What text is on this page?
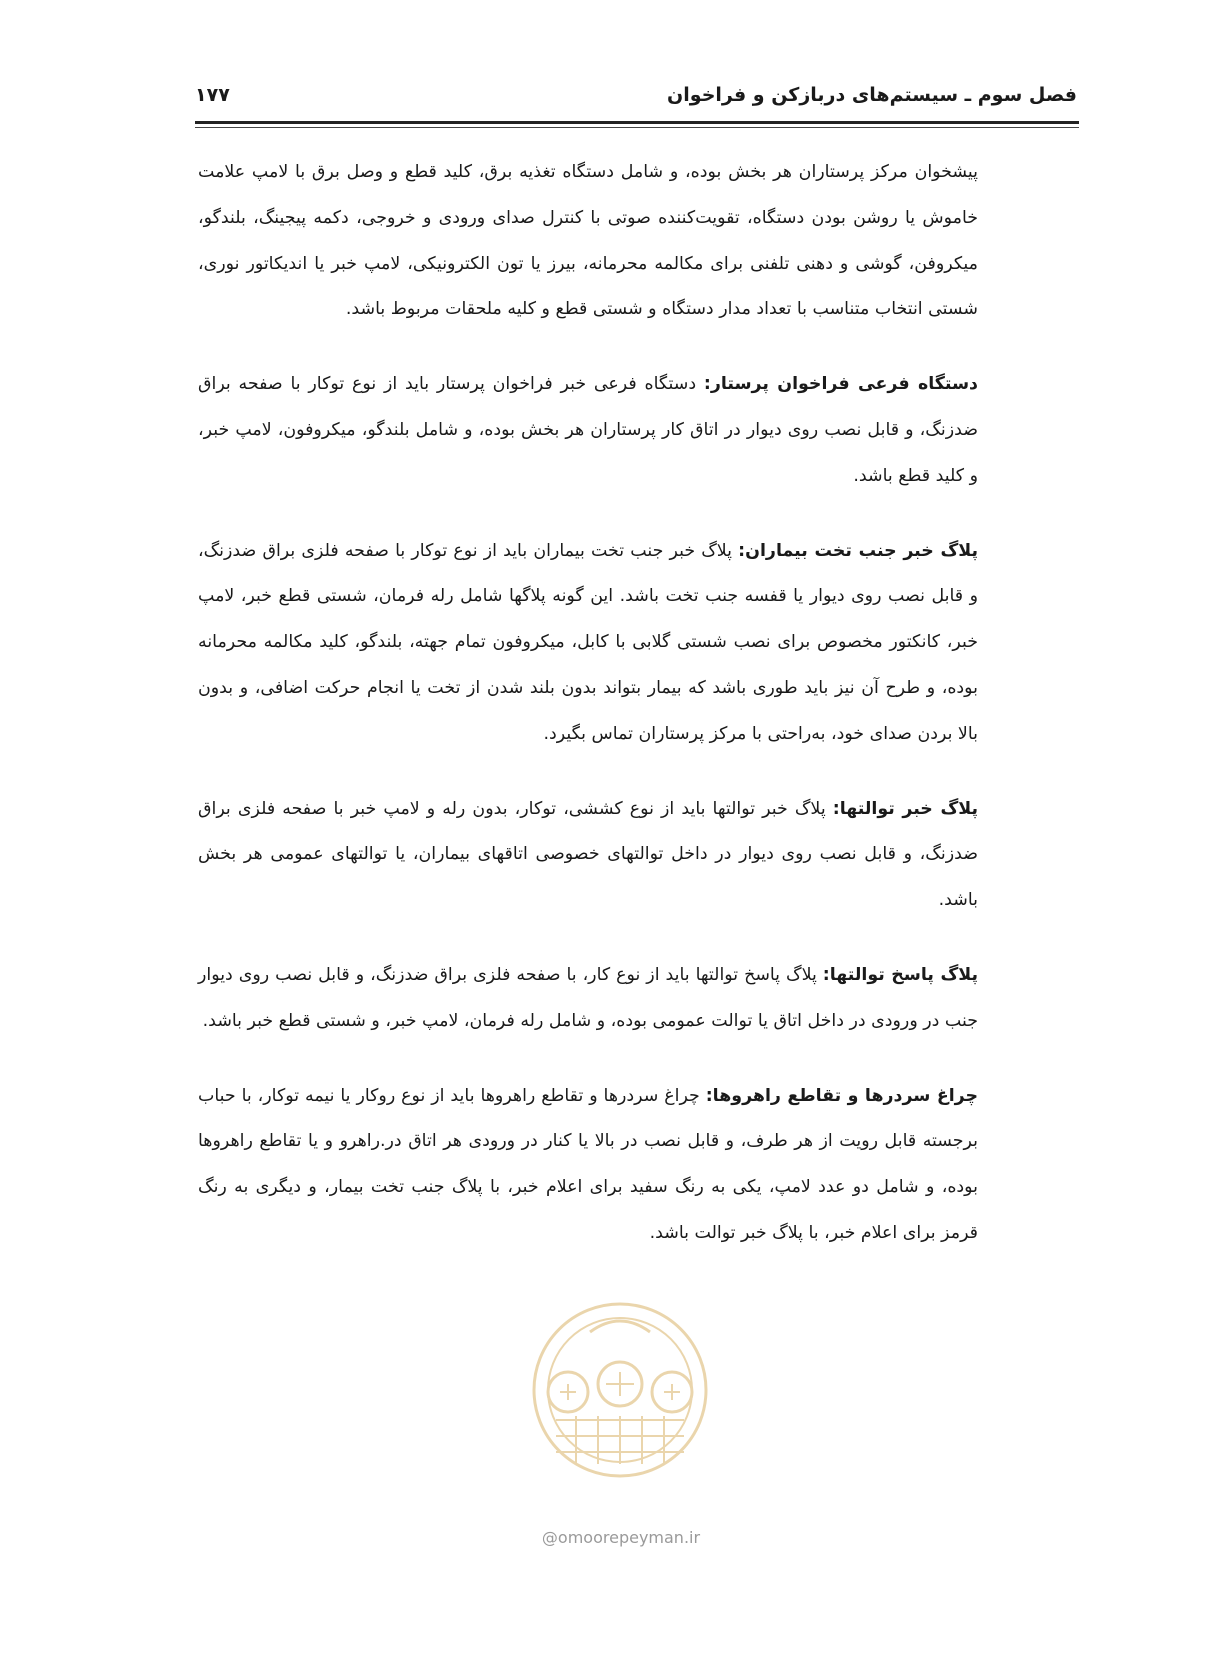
فصل سوم ـ سیستم‌های دربازکن و فراخوان
۱۷۷

پیشخوان مرکز پرستاران هر بخش بوده، و شامل دستگاه تغذیه برق، کلید قطع و وصل برق با لامپ علامت خاموش یا روشن بودن دستگاه، تقویت‌کننده صوتی با کنترل صدای ورودی و خروجی، دکمه پیجینگ، بلندگو، میکروفن، گوشی و دهنی تلفنی برای مکالمه محرمانه، بیرز یا تون الکترونیکی، لامپ خبر یا اندیکاتور نوری، شستی انتخاب متناسب با تعداد مدار دستگاه و شستی قطع و کلیه ملحقات مربوط باشد.

دستگاه فرعی فراخوان پرستار: دستگاه فرعی خبر فراخوان پرستار باید از نوع توکار با صفحه براق ضدزنگ، و قابل نصب روی دیوار در اتاق کار پرستاران هر بخش بوده، و شامل بلندگو، میکروفون، لامپ خبر، و کلید قطع باشد.

پلاگ خبر جنب تخت بیماران: پلاگ خبر جنب تخت بیماران باید از نوع توکار با صفحه فلزی براق ضدزنگ، و قابل نصب روی دیوار یا قفسه جنب تخت باشد. این گونه پلاگها شامل رله فرمان، شستی قطع خبر، لامپ خبر، کانکتور مخصوص برای نصب شستی گلابی با کابل، میکروفون تمام جهته، بلندگو، کلید مکالمه محرمانه بوده، و طرح آن نیز باید طوری باشد که بیمار بتواند بدون بلند شدن از تخت یا انجام حرکت اضافی، و بدون بالا بردن صدای خود، به‌راحتی با مرکز پرستاران تماس بگیرد.

پلاگ خبر توالتها: پلاگ خبر توالتها باید از نوع کششی، توکار، بدون رله و لامپ خبر با صفحه فلزی براق ضدزنگ، و قابل نصب روی دیوار در داخل توالتهای خصوصی اتاقهای بیماران، یا توالتهای عمومی هر بخش باشد.

پلاگ پاسخ توالتها: پلاگ پاسخ توالتها باید از نوع کار، با صفحه فلزی براق ضدزنگ، و قابل نصب روی دیوار جنب در ورودی در داخل اتاق یا توالت عمومی بوده، و شامل رله فرمان، لامپ خبر، و شستی قطع خبر باشد.

چراغ سردرها و تقاطع راهروها: چراغ سردرها و تقاطع راهروها باید از نوع روکار یا نیمه توکار، با حباب برجسته قابل رویت از هر طرف، و قابل نصب در بالا یا کنار در ورودی هر اتاق در.راهرو و یا تقاطع راهروها بوده، و شامل دو عدد لامپ، یکی به رنگ سفید برای اعلام خبر، با پلاگ جنب تخت بیمار، و دیگری به رنگ قرمز برای اعلام خبر، با پلاگ خبر توالت باشد.

@omoorepeyman.ir
